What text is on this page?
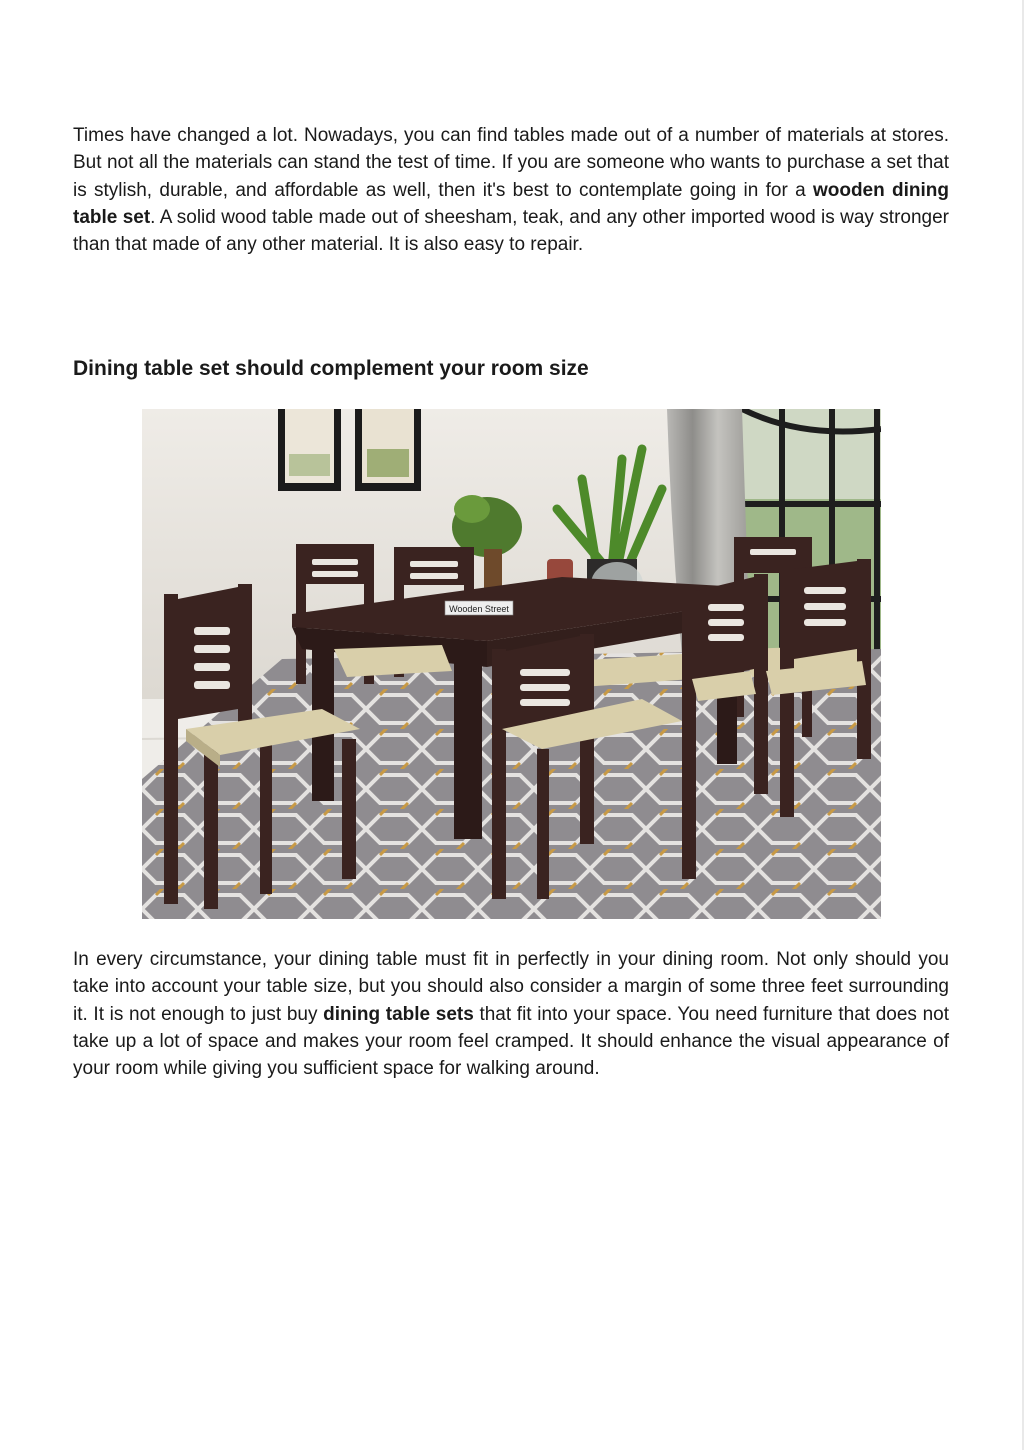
Times have changed a lot. Nowadays, you can find tables made out of a number of materials at stores. But not all the materials can stand the test of time. If you are someone who wants to purchase a set that is stylish, durable, and affordable as well, then it's best to contemplate going in for a wooden dining table set. A solid wood table made out of sheesham, teak, and any other imported wood is way stronger than that made of any other material. It is also easy to repair.

Dining table set should complement your room size
Wooden Street

In every circumstance, your dining table must fit in perfectly in your dining room. Not only should you take into account your table size, but you should also consider a margin of some three feet surrounding it. It is not enough to just buy dining table sets that fit into your space. You need furniture that does not take up a lot of space and makes your room feel cramped. It should enhance the visual appearance of your room while giving you sufficient space for walking around.
